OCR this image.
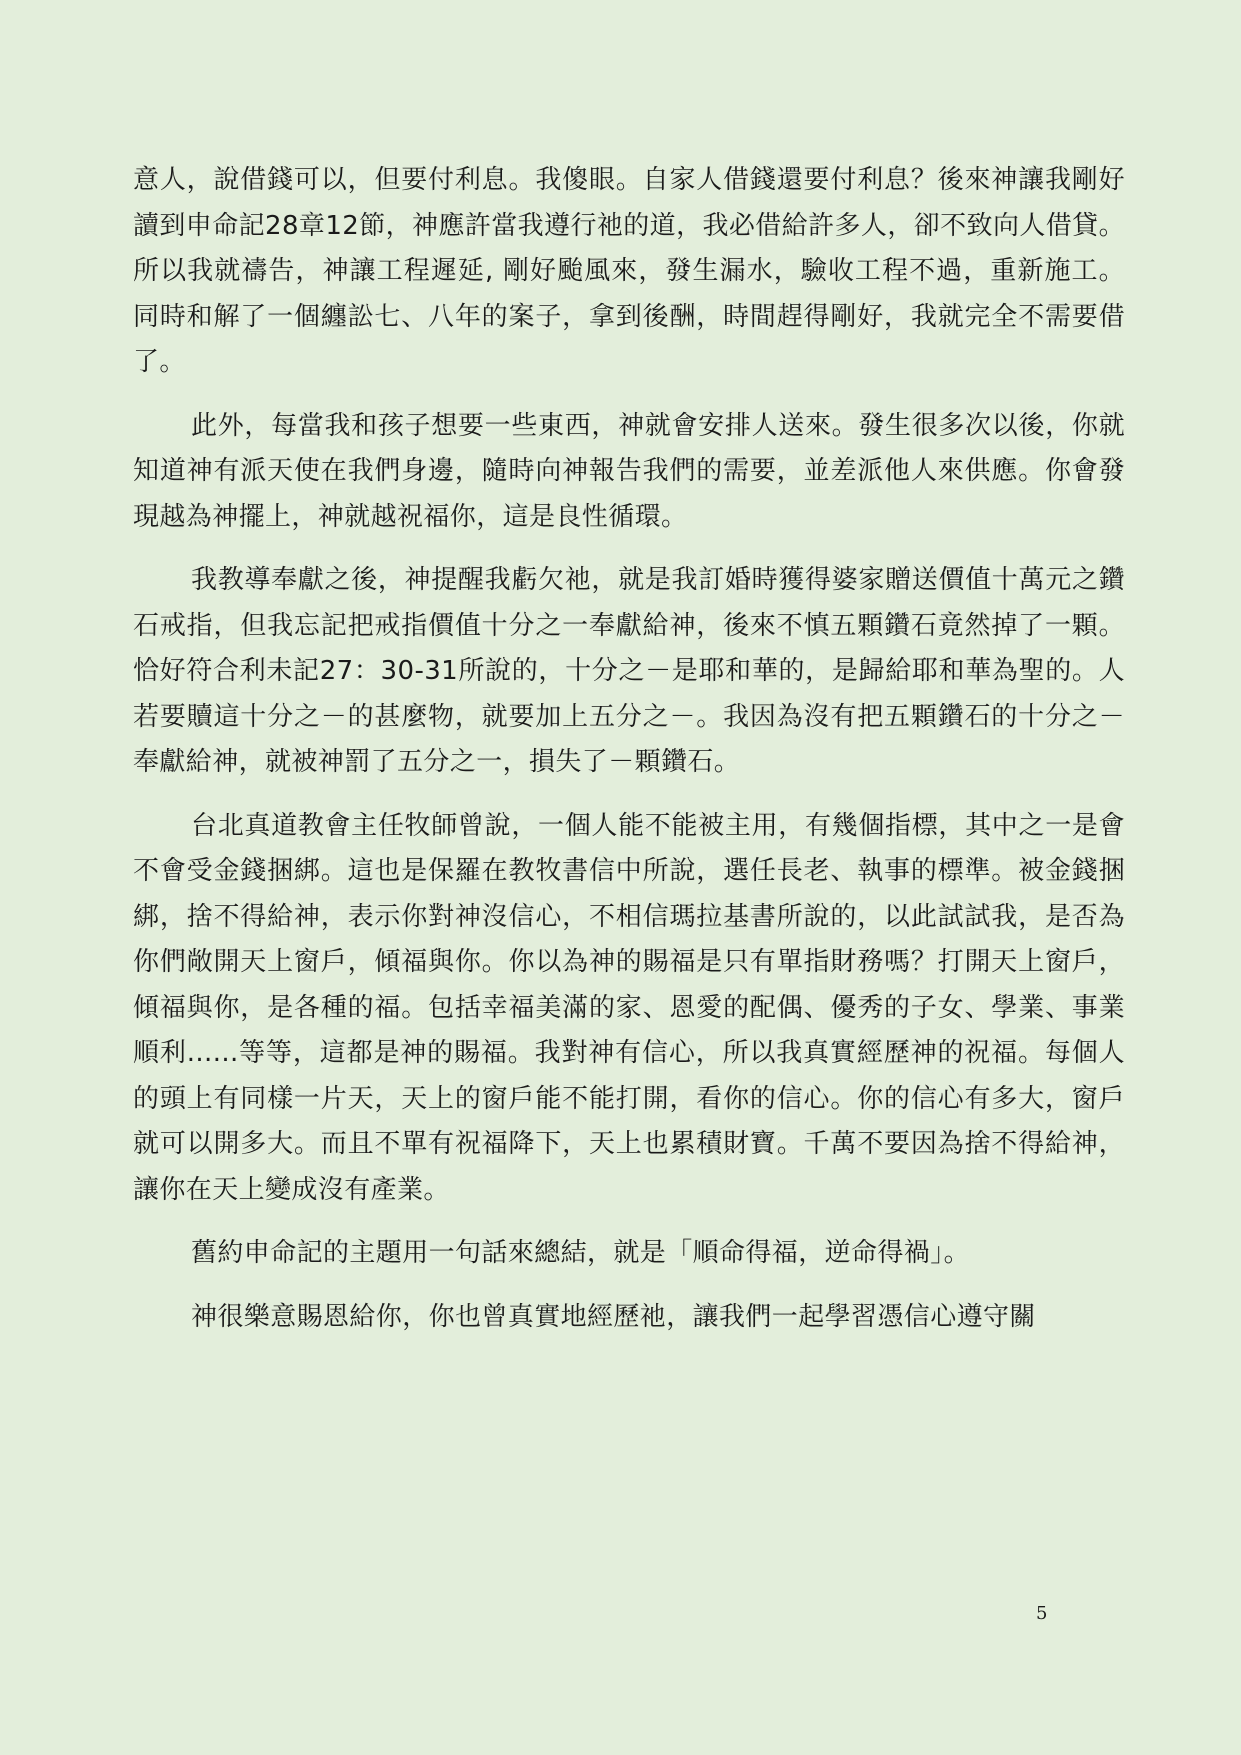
意人，說借錢可以，但要付利息。我傻眼。自家人借錢還要付利息？後來神讓我剛好讀到申命記28章12節，神應許當我遵行祂的道，我必借給許多人，卻不致向人借貸。所以我就禱告，神讓工程遲延, 剛好颱風來，發生漏水，驗收工程不過，重新施工。同時和解了一個纏訟七、八年的案子，拿到後酬，時間趕得剛好，我就完全不需要借了。

此外，每當我和孩子想要一些東西，神就會安排人送來。發生很多次以後，你就知道神有派天使在我們身邊，隨時向神報告我們的需要，並差派他人來供應。你會發現越為神擺上，神就越祝福你，這是良性循環。

我教導奉獻之後，神提醒我虧欠祂，就是我訂婚時獲得婆家贈送價值十萬元之鑽石戒指，但我忘記把戒指價值十分之一奉獻給神，後來不慎五顆鑽石竟然掉了一顆。恰好符合利未記27：30-31所說的，十分之－是耶和華的，是歸給耶和華為聖的。人若要贖這十分之－的甚麼物，就要加上五分之－。我因為沒有把五顆鑽石的十分之－奉獻給神，就被神罰了五分之一，損失了－顆鑽石。

台北真道教會主任牧師曾說，一個人能不能被主用，有幾個指標，其中之一是會不會受金錢捆綁。這也是保羅在教牧書信中所說，選任長老、執事的標準。被金錢捆綁，捨不得給神，表示你對神沒信心，不相信瑪拉基書所說的，以此試試我，是否為你們敞開天上窗戶，傾福與你。你以為神的賜福是只有單指財務嗎？打開天上窗戶，傾福與你，是各種的福。包括幸福美滿的家、恩愛的配偶、優秀的子女、學業、事業順利......等等，這都是神的賜福。我對神有信心，所以我真實經歷神的祝福。每個人的頭上有同樣一片天，天上的窗戶能不能打開，看你的信心。你的信心有多大，窗戶就可以開多大。而且不單有祝福降下，天上也累積財寶。千萬不要因為捨不得給神，讓你在天上變成沒有產業。

舊約申命記的主題用一句話來總結，就是「順命得福，逆命得禍」。

神很樂意賜恩給你，你也曾真實地經歷祂，讓我們一起學習憑信心遵守關

5
